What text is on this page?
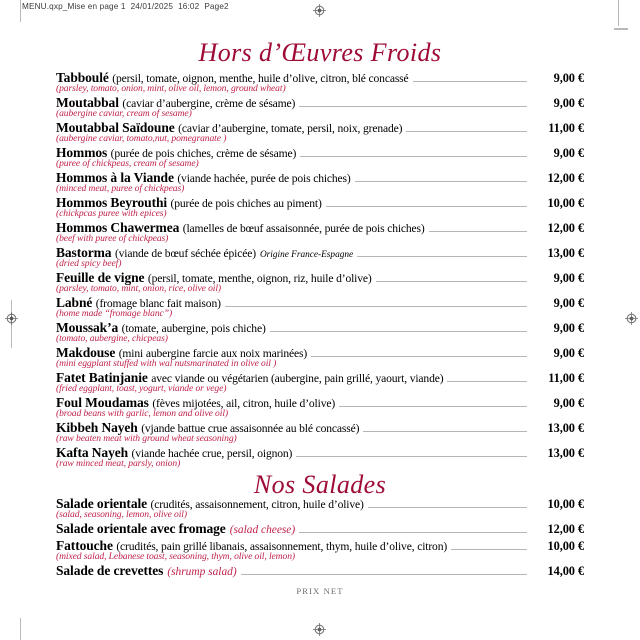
MENU.qxp_Mise en page 1 24/01/2025 16:02 Page2
Hors d’Œuvres Froids
Tabboulé (persil, tomate, oignon, menthe, huile d’olive, citron, blé concassé	9,00 €
(parsley, tomato, onion, mint, olive oil, lemon, ground wheat)
Moutabbal (caviar d’aubergine, crème de sésame)	9,00 €
(aubergine caviar, cream of sesame)
Moutabbal Saïdoune (caviar d’aubergine, tomate, persil, noix, grenade)	11,00 €
(aubergine caviar, tomato,nut, pomegranate )
Hommos (purée de pois chiches, crème de sésame)	9,00 €
(puree of chickpeas, cream of sesame)
Hommos à la Viande (viande hachée, purée de pois chiches)	12,00 €
(minced meat, puree of chickpeas)
Hommos Beyrouthi (purée de pois chiches au piment)	10,00 €
(chickpcas puree with epices)
Hommos Chawermea (lamelles de bœuf assaisonnée, purée de pois chiches)	12,00 €
(beef with puree of chickpeas)
Bastorma (viande de bœuf séchée épicée) Origine France-Espagne	13,00 €
(dried spicy beef)
Feuille de vigne (persil, tomate, menthe, oignon, riz, huile d’olive)	9,00 €
(parsley, tomato, mint, onion, rice, olive oil)
Labné (fromage blanc fait maison)	9,00 €
(home made “fromage blanc”)
Moussak’a (tomate, aubergine, pois chiche)	9,00 €
(tomato, aubergine, chicpeas)
Makdouse (mini aubergine farcie aux noix marinées)	9,00 €
(mini eggplant stuffed with wal nutsmarinated in olive oil )
Fatet Batinjanie avec viande ou végétarien (aubergine, pain grillé, yaourt, viande)	11,00 €
(fried eggplant, toast, yogurt, viande or vege)
Foul Moudamas (fèves mijotées, ail, citron, huile d’olive)	9,00 €
(broad beans with garlic, lemon and olive oil)
Kibbeh Nayeh (vjande battue crue assaisonnée au blé concassé)	13,00 €
(raw beaten meat with ground wheat seasoning)
Kafta Nayeh (viande hachée crue, persil, oignon)	13,00 €
(raw minced meat, parsly, onion)
Nos Salades
Salade orientale (crudités, assaisonnement, citron, huile d’olive)	10,00 €
(salad, seasoning, lemon, olive oil)
Salade orientale avec fromage (salad cheese)	12,00 €
Fattouche (crudités, pain grillé libanais, assaisonnement, thym, huile d’olive, citron)	10,00 €
(mixed salad, Lebanese toast, seasoning, thym, olive oil, lemon)
Salade de crevettes (shrump salad)	14,00 €
PRIX NET
